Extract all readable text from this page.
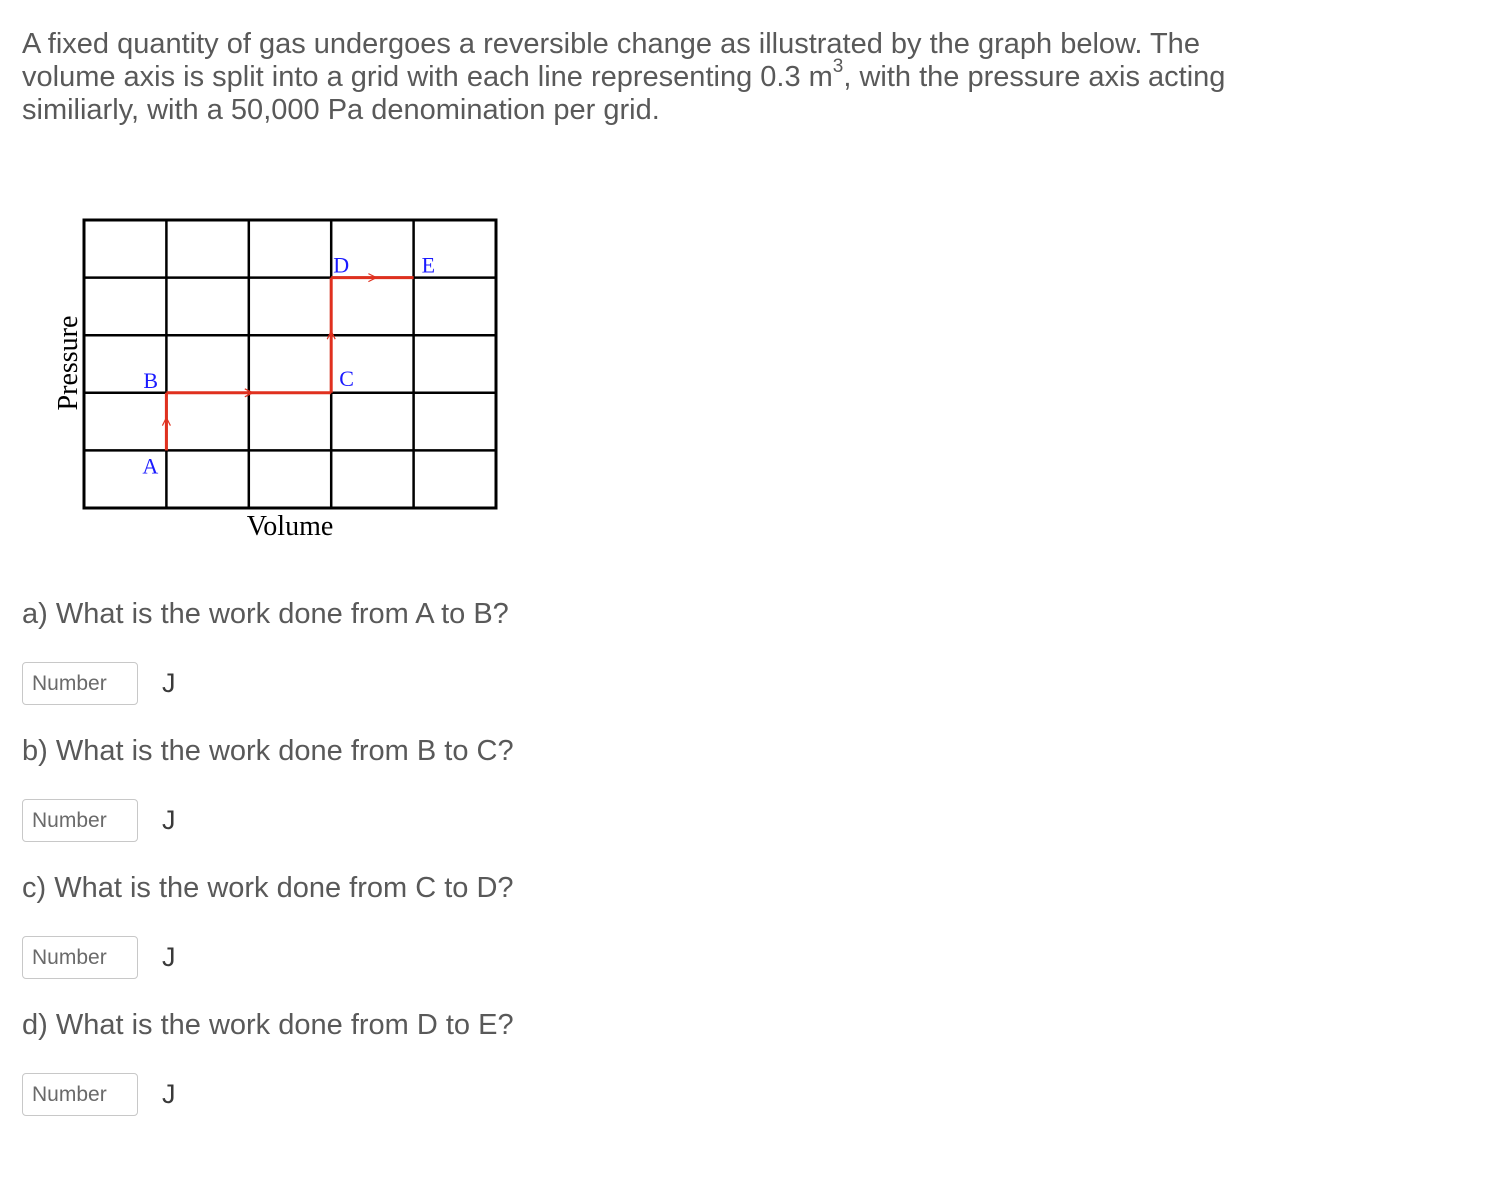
A fixed quantity of gas undergoes a reversible change as illustrated by the graph below. The
volume axis is split into a grid with each line representing 0.3 $m^3$, with the pressure axis acting
similiarly, with a 50,000 Pa denomination per grid.
A
B	C
D	E
Volume
Pressure
a) What is the work done from A to B?
Number
J
b) What is the work done from B to C?
Number
J
c) What is the work done from C to D?
Number
J
d) What is the work done from D to E?
Number
J
